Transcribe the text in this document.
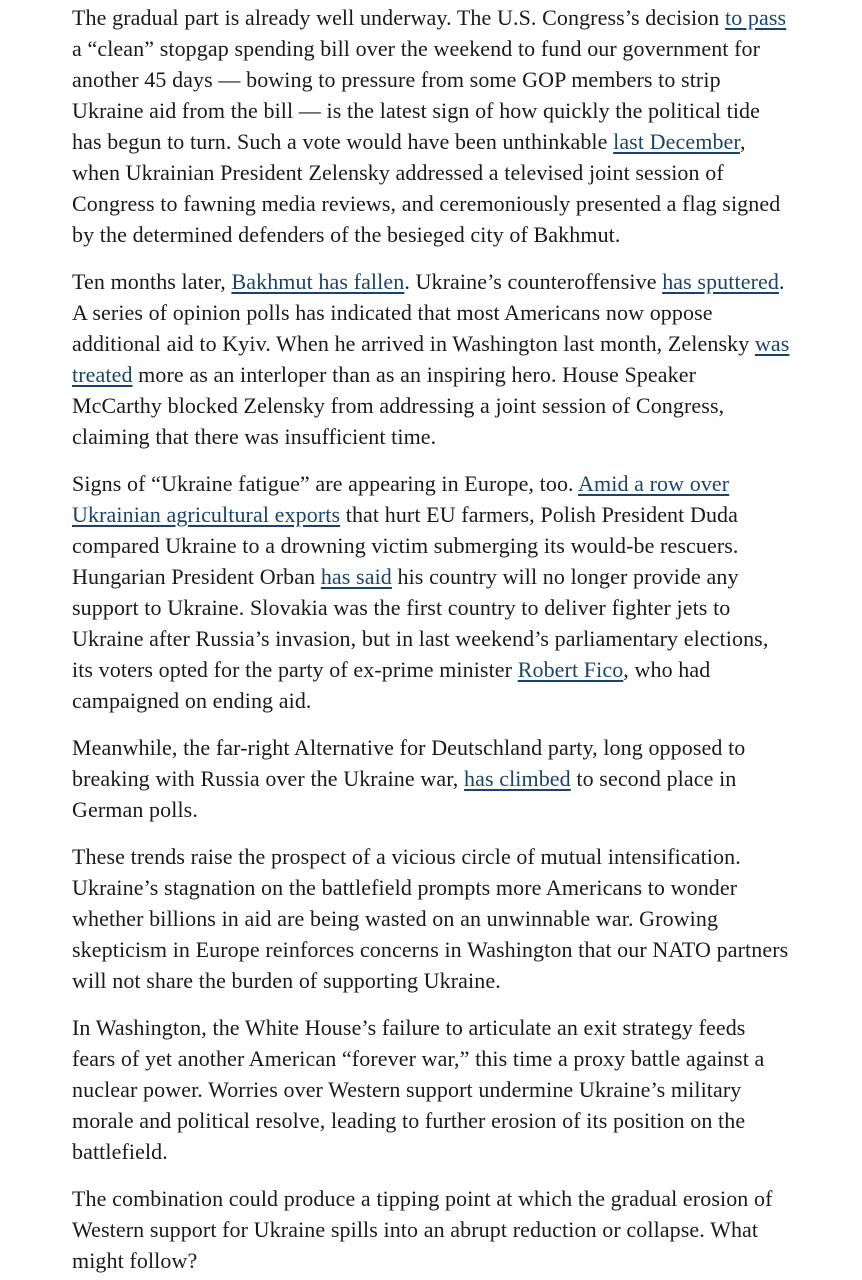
The gradual part is already well underway. The U.S. Congress’s decision to pass a “clean” stopgap spending bill over the weekend to fund our government for another 45 days — bowing to pressure from some GOP members to strip Ukraine aid from the bill — is the latest sign of how quickly the political tide has begun to turn. Such a vote would have been unthinkable last December, when Ukrainian President Zelensky addressed a televised joint session of Congress to fawning media reviews, and ceremoniously presented a flag signed by the determined defenders of the besieged city of Bakhmut.

Ten months later, Bakhmut has fallen. Ukraine’s counteroffensive has sputtered. A series of opinion polls has indicated that most Americans now oppose additional aid to Kyiv. When he arrived in Washington last month, Zelensky was treated more as an interloper than as an inspiring hero. House Speaker McCarthy blocked Zelensky from addressing a joint session of Congress, claiming that there was insufficient time.

Signs of “Ukraine fatigue” are appearing in Europe, too. Amid a row over Ukrainian agricultural exports that hurt EU farmers, Polish President Duda compared Ukraine to a drowning victim submerging its would-be rescuers. Hungarian President Orban has said his country will no longer provide any support to Ukraine. Slovakia was the first country to deliver fighter jets to Ukraine after Russia’s invasion, but in last weekend’s parliamentary elections, its voters opted for the party of ex-prime minister Robert Fico, who had campaigned on ending aid.

Meanwhile, the far-right Alternative for Deutschland party, long opposed to breaking with Russia over the Ukraine war, has climbed to second place in German polls.

These trends raise the prospect of a vicious circle of mutual intensification. Ukraine’s stagnation on the battlefield prompts more Americans to wonder whether billions in aid are being wasted on an unwinnable war. Growing skepticism in Europe reinforces concerns in Washington that our NATO partners will not share the burden of supporting Ukraine.

In Washington, the White House’s failure to articulate an exit strategy feeds fears of yet another American “forever war,” this time a proxy battle against a nuclear power. Worries over Western support undermine Ukraine’s military morale and political resolve, leading to further erosion of its position on the battlefield.

The combination could produce a tipping point at which the gradual erosion of Western support for Ukraine spills into an abrupt reduction or collapse. What might follow?
